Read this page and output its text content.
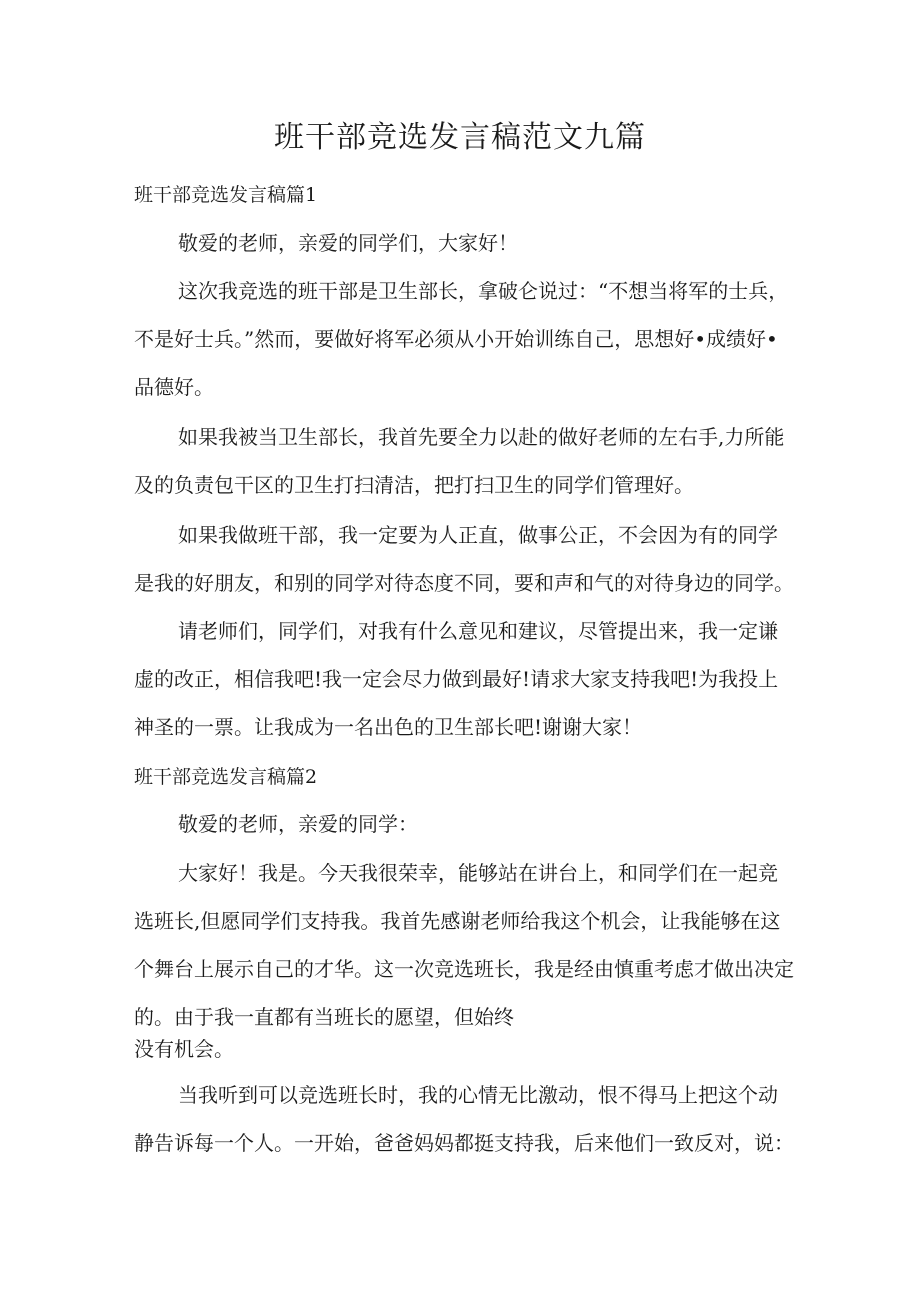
班干部竞选发言稿范文九篇
班干部竞选发言稿篇1
敬爱的老师，亲爱的同学们，大家好！
这次我竞选的班干部是卫生部长，拿破仑说过：“不想当将军的士兵，
不是好士兵。”然而，要做好将军必须从小开始训练自己，思想好•成绩好•
品德好。
如果我被当卫生部长，我首先要全力以赴的做好老师的左右手,力所能
及的负责包干区的卫生打扫清洁，把打扫卫生的同学们管理好。
如果我做班干部，我一定要为人正直，做事公正，不会因为有的同学
是我的好朋友，和别的同学对待态度不同，要和声和气的对待身边的同学。
请老师们，同学们，对我有什么意见和建议，尽管提出来，我一定谦
虚的改正，相信我吧!我一定会尽力做到最好!请求大家支持我吧!为我投上
神圣的一票。让我成为一名出色的卫生部长吧!谢谢大家！
班干部竞选发言稿篇2
敬爱的老师，亲爱的同学：
大家好！我是。今天我很荣幸，能够站在讲台上，和同学们在一起竞
选班长,但愿同学们支持我。我首先感谢老师给我这个机会，让我能够在这
个舞台上展示自己的才华。这一次竞选班长，我是经由慎重考虑才做出决定
的。由于我一直都有当班长的愿望，但始终
没有机会。
当我听到可以竞选班长时，我的心情无比激动，恨不得马上把这个动
静告诉每一个人。一开始，爸爸妈妈都挺支持我，后来他们一致反对，说：
